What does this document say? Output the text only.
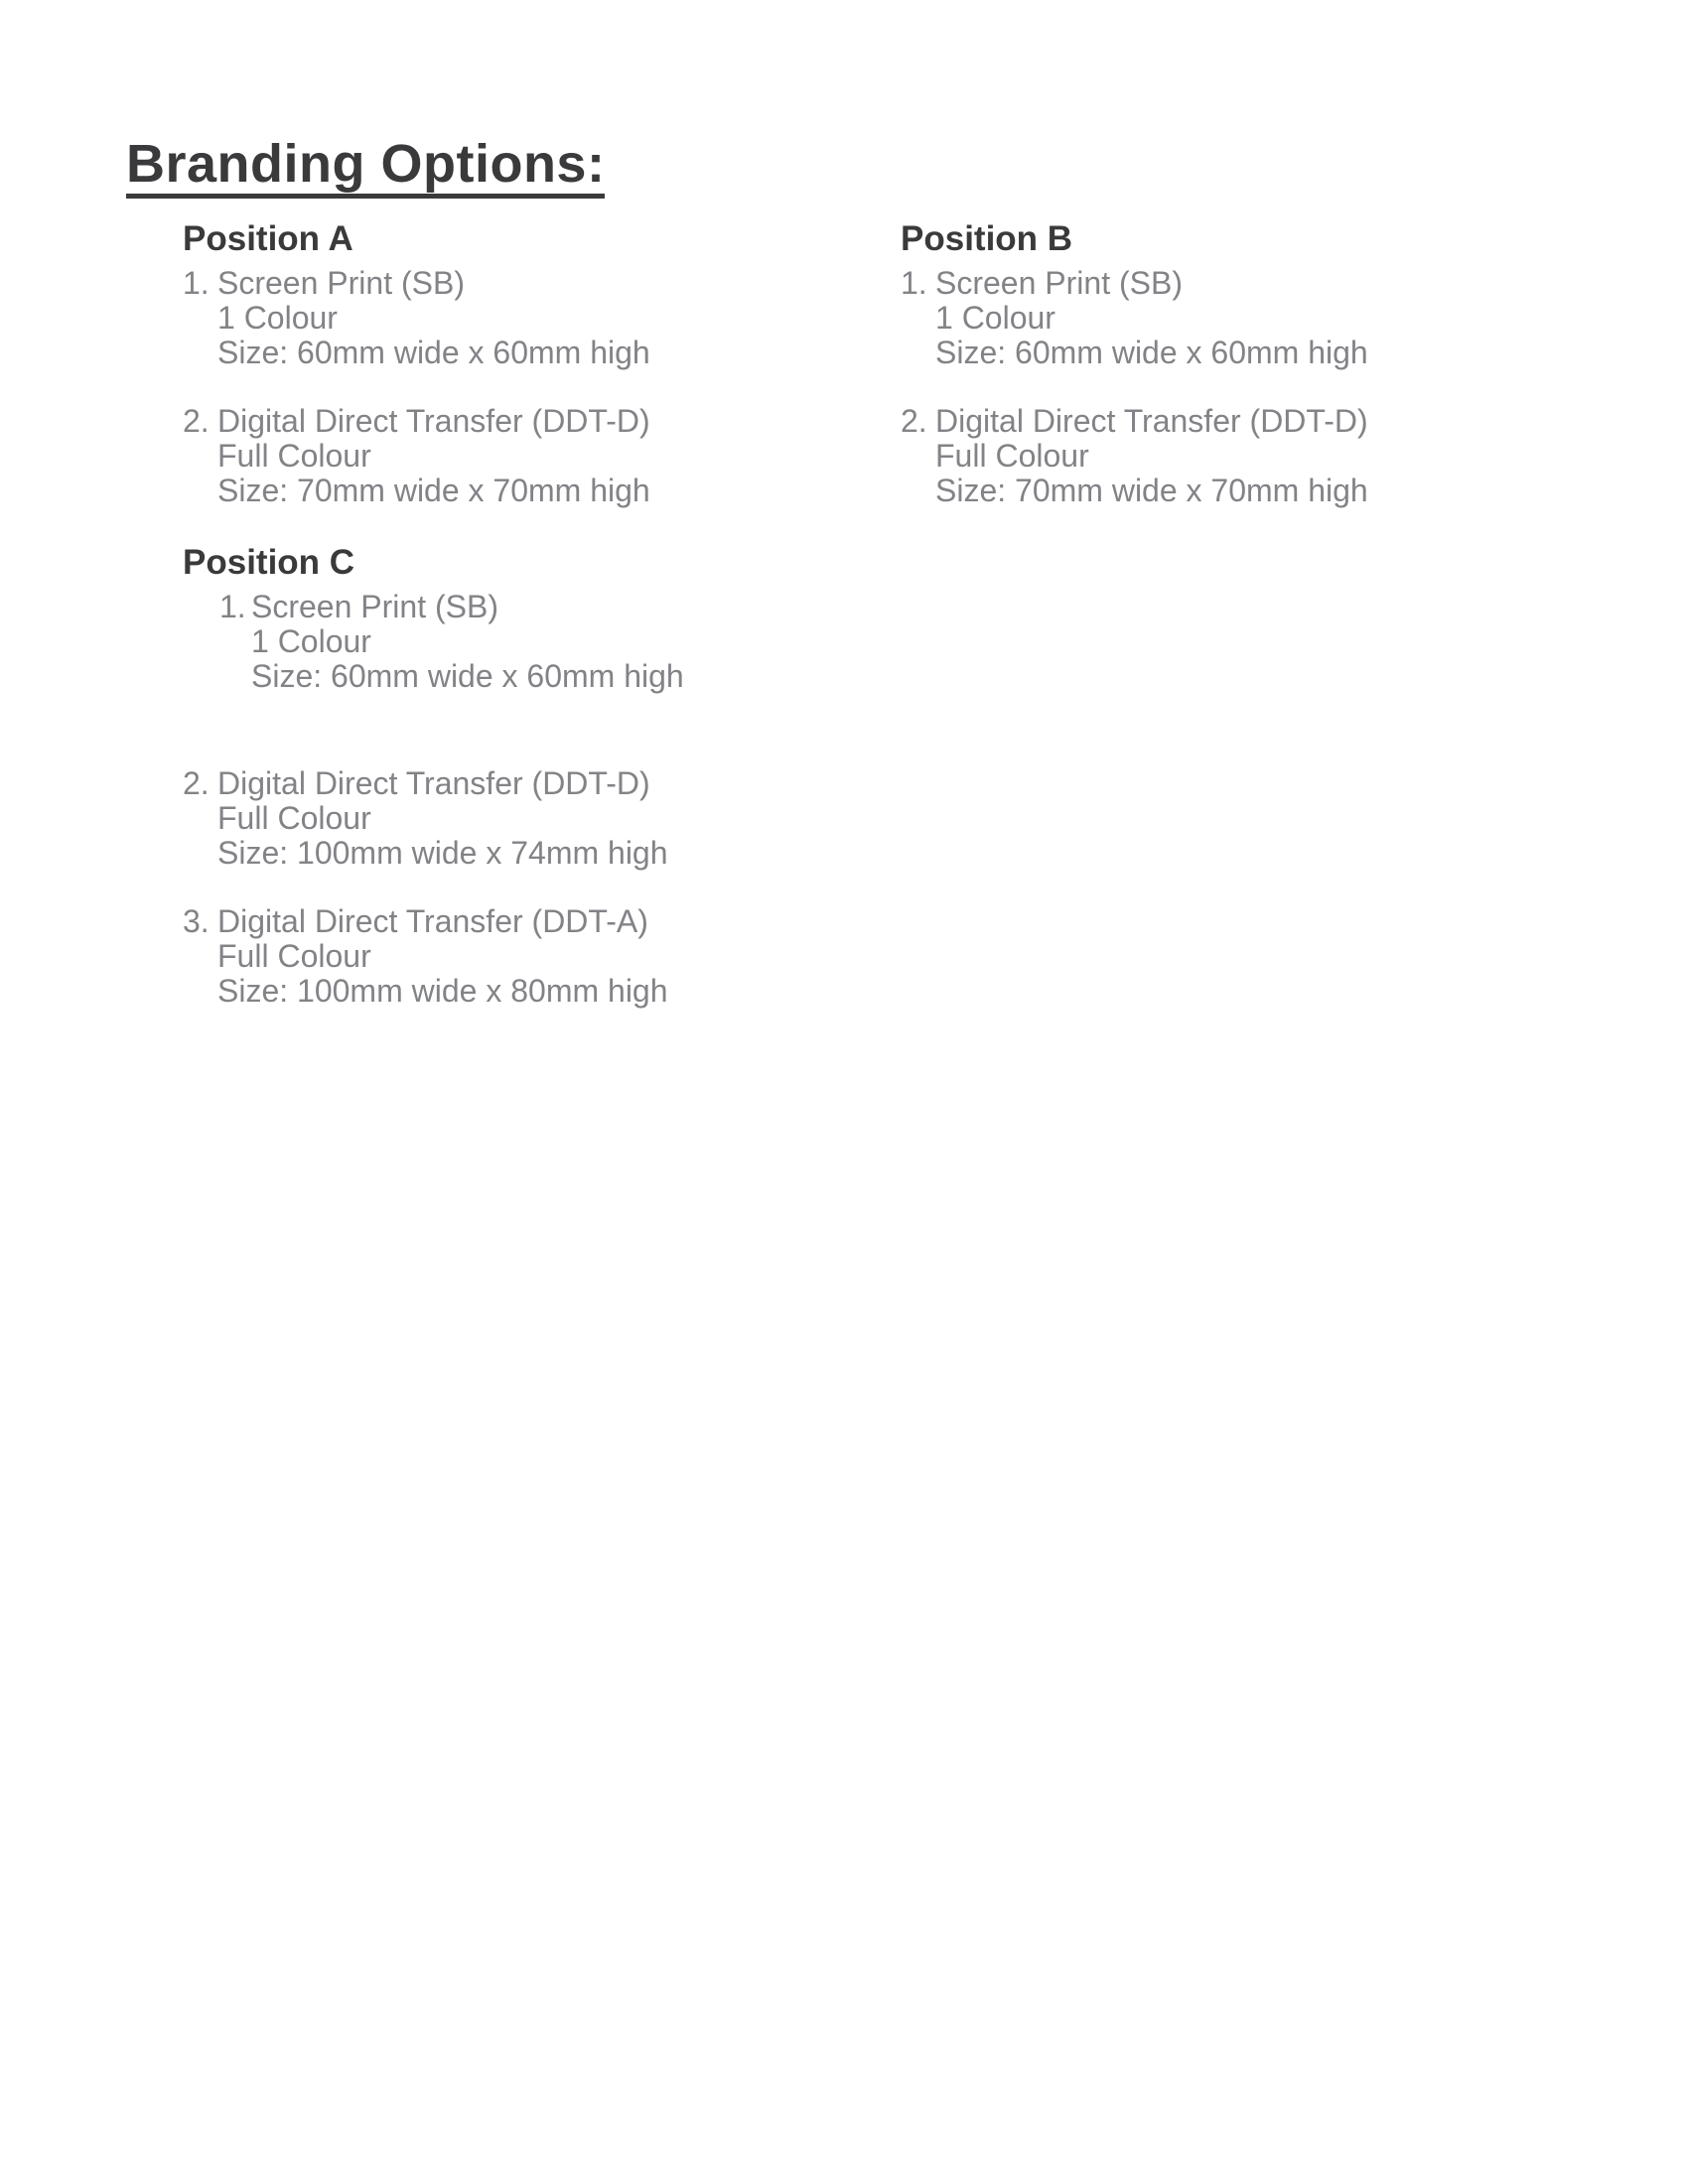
Branding Options:
Position A
1. Screen Print (SB)
1 Colour
Size: 60mm wide x 60mm high
2. Digital Direct Transfer (DDT-D)
Full Colour
Size: 70mm wide x 70mm high
Position C
1. Screen Print (SB)
1 Colour
Size: 60mm wide x 60mm high
2. Digital Direct Transfer (DDT-D)
Full Colour
Size: 100mm wide x 74mm high
3. Digital Direct Transfer (DDT-A)
Full Colour
Size: 100mm wide x 80mm high
Position B
1. Screen Print (SB)
1 Colour
Size: 60mm wide x 60mm high
2. Digital Direct Transfer (DDT-D)
Full Colour
Size: 70mm wide x 70mm high
